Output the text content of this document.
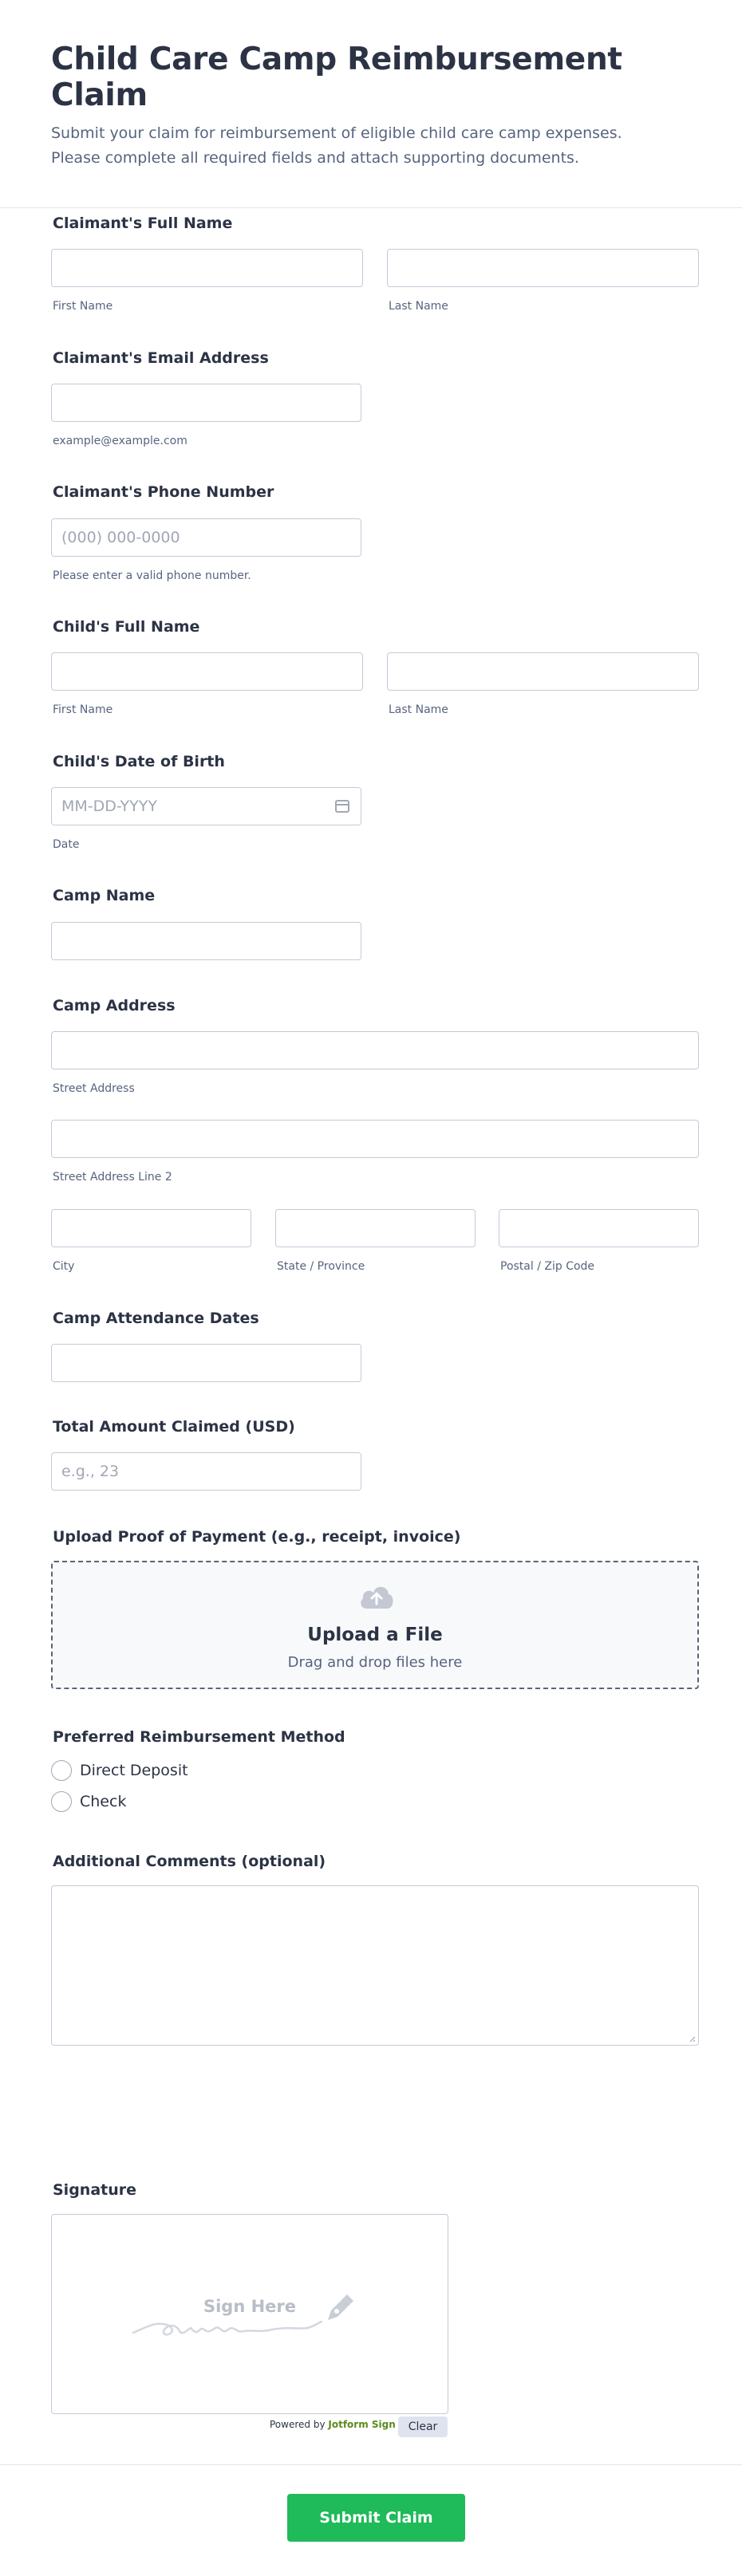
Child Care Camp Reimbursement Claim

Submit your claim for reimbursement of eligible child care camp expenses. Please complete all required fields and attach supporting documents.

Claimant's Full Name
First Name	Last Name
Claimant's Email Address
example@example.com
Claimant's Phone Number
(000) 000-0000
Please enter a valid phone number.
Child's Full Name
First Name	Last Name
Child's Date of Birth
MM-DD-YYYY
Date
Camp Name
Camp Address
Street Address
Street Address Line 2
City	State / Province	Postal / Zip Code
Camp Attendance Dates
Total Amount Claimed (USD)
e.g., 23
Upload Proof of Payment (e.g., receipt, invoice)
Upload a File
Drag and drop files here
Preferred Reimbursement Method
Direct Deposit
Check
Additional Comments (optional)
Signature
Sign Here
Powered by Jotform Sign	Clear
Submit Claim
